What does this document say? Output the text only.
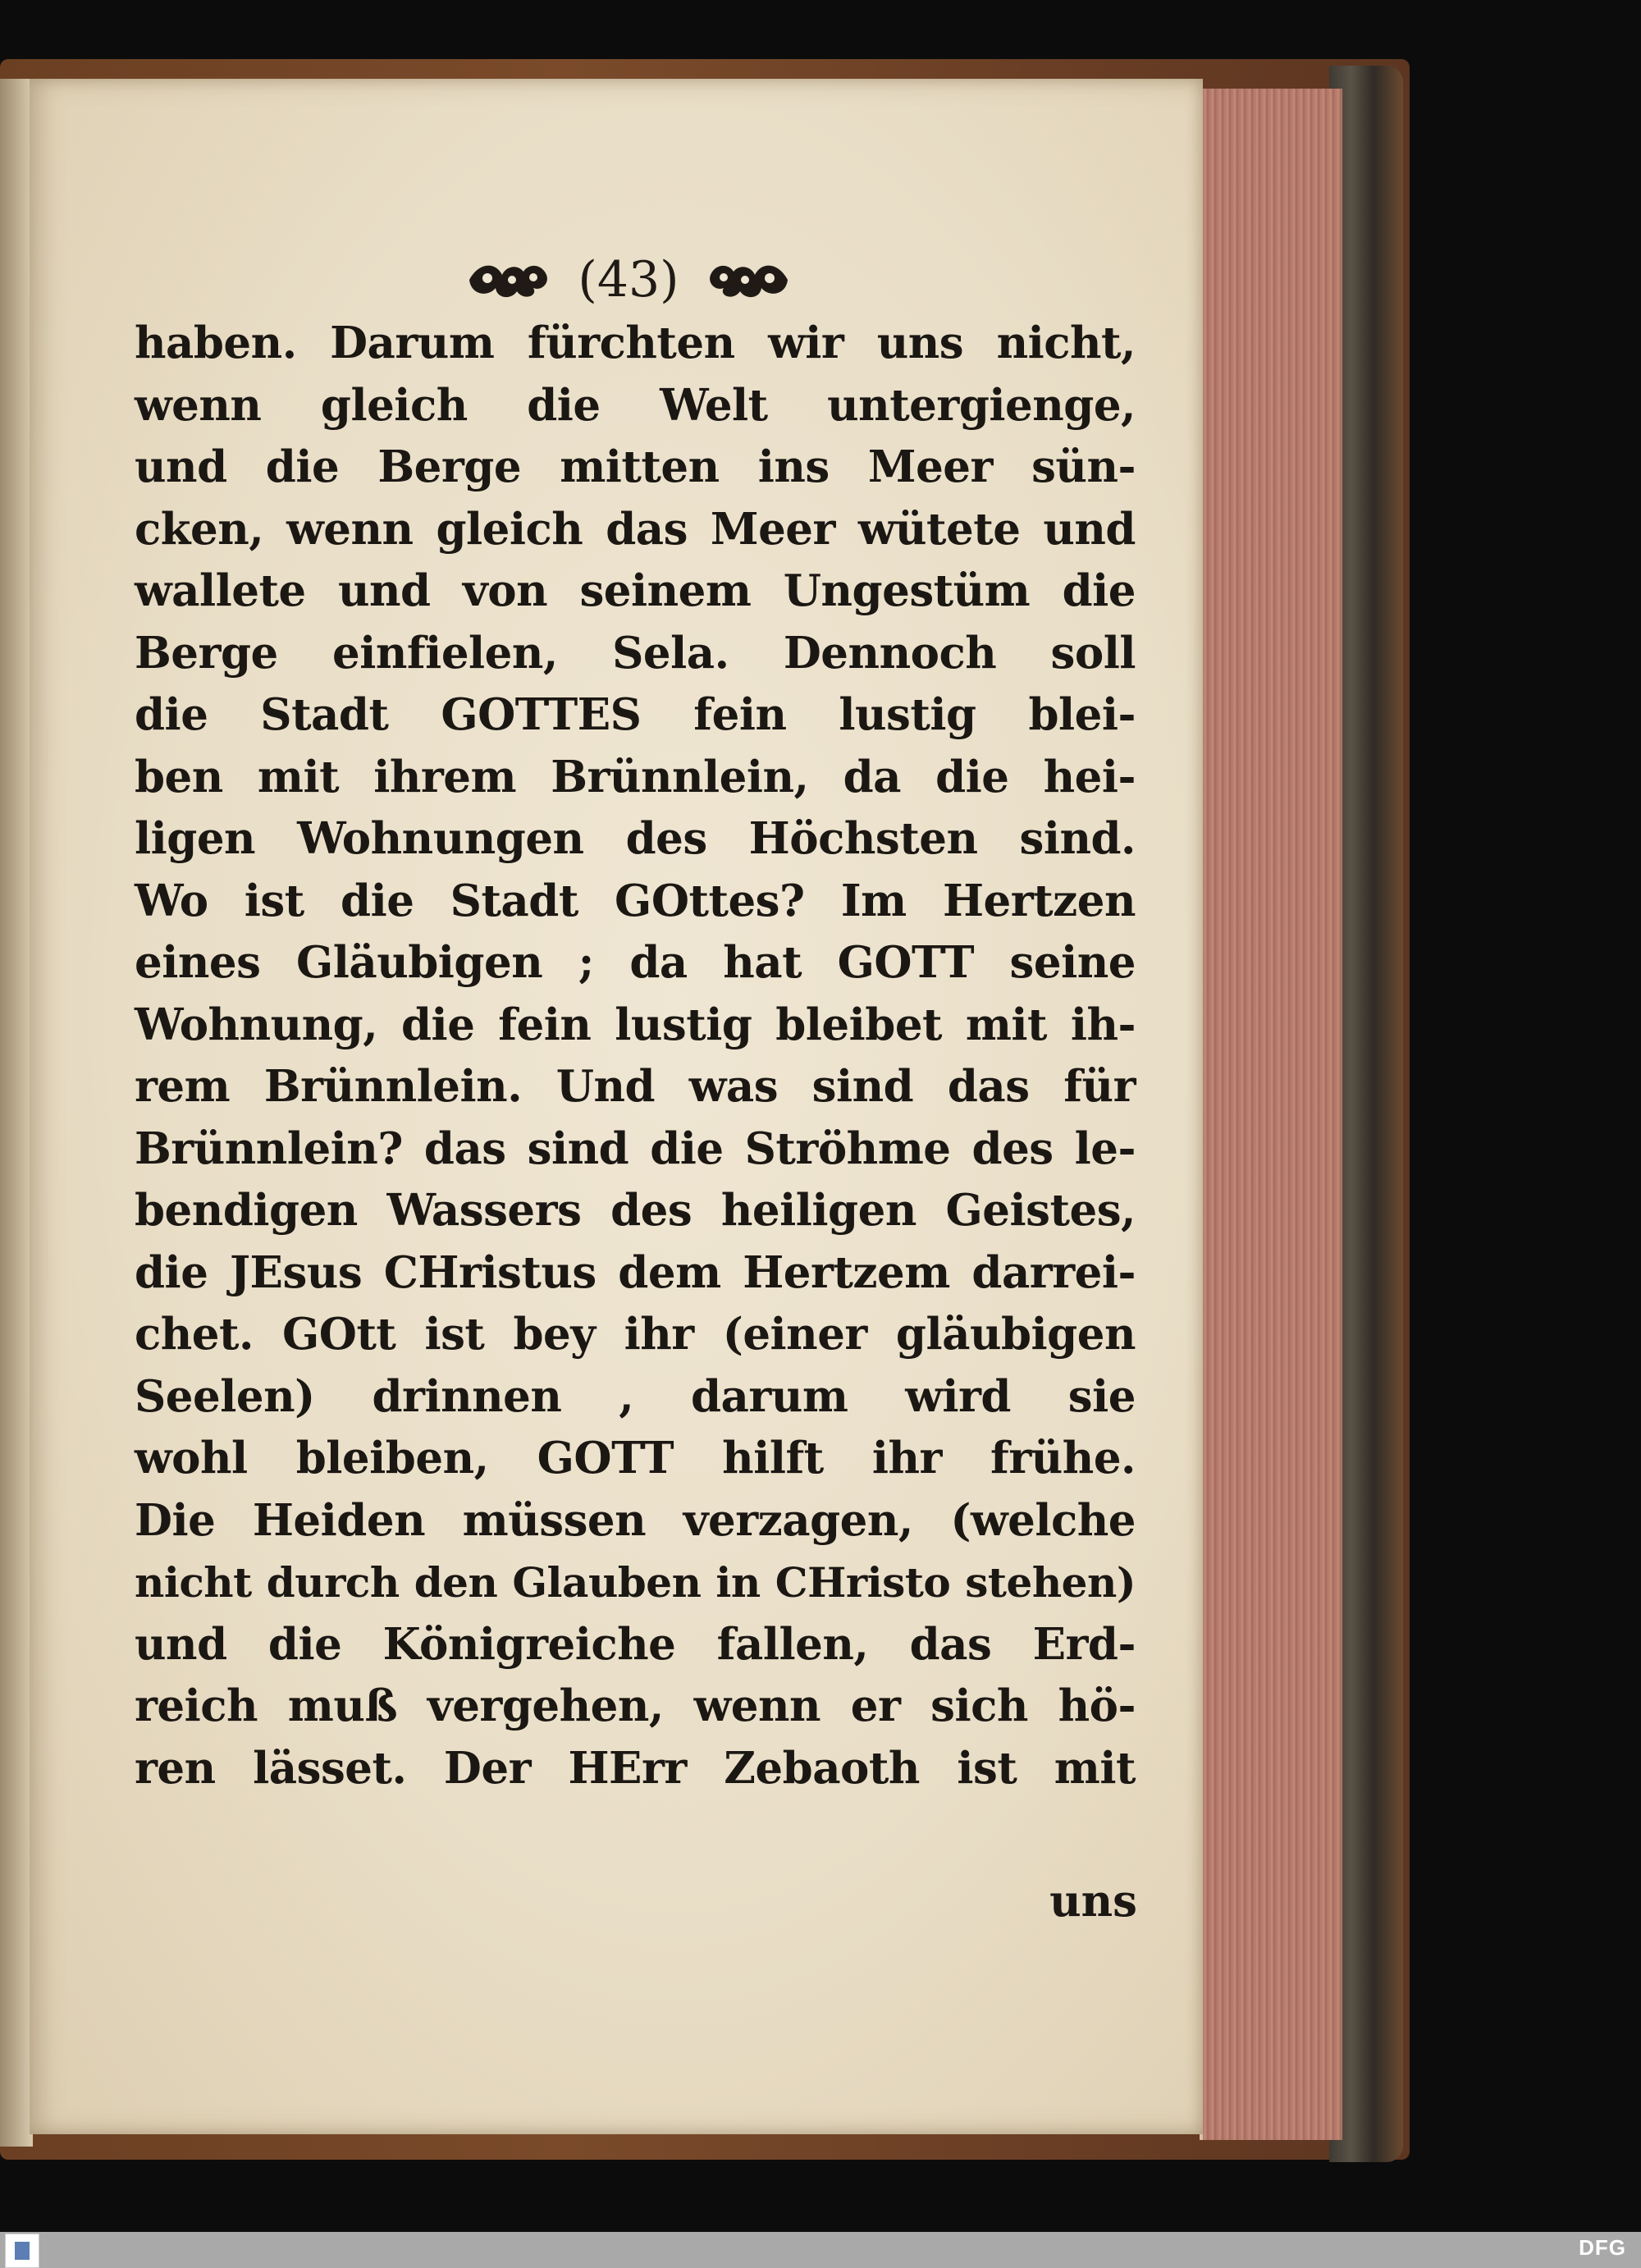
(43)
haben. Darum fürchten wir uns nicht,
wenn gleich die Welt untergienge,
und die Berge mitten ins Meer sün-
cken, wenn gleich das Meer wütete und
wallete und von seinem Ungestüm die
Berge einfielen, Sela. Dennoch soll
die Stadt GOTTES fein lustig blei-
ben mit ihrem Brünnlein, da die hei-
ligen Wohnungen des Höchsten sind.
Wo ist die Stadt GOttes? Im Hertzen
eines Gläubigen ; da hat GOTT seine
Wohnung, die fein lustig bleibet mit ih-
rem Brünnlein. Und was sind das für
Brünnlein? das sind die Ströhme des le-
bendigen Wassers des heiligen Geistes,
die JEsus CHristus dem Hertzem darrei-
chet. GOtt ist bey ihr (einer gläubigen
Seelen) drinnen , darum wird sie
wohl bleiben, GOTT hilft ihr frühe.
Die Heiden müssen verzagen, (welche
nicht durch den Glauben in CHristo stehen)
und die Königreiche fallen, das Erd-
reich muß vergehen, wenn er sich hö-
ren lässet. Der HErr Zebaoth ist mit
uns
DFG
